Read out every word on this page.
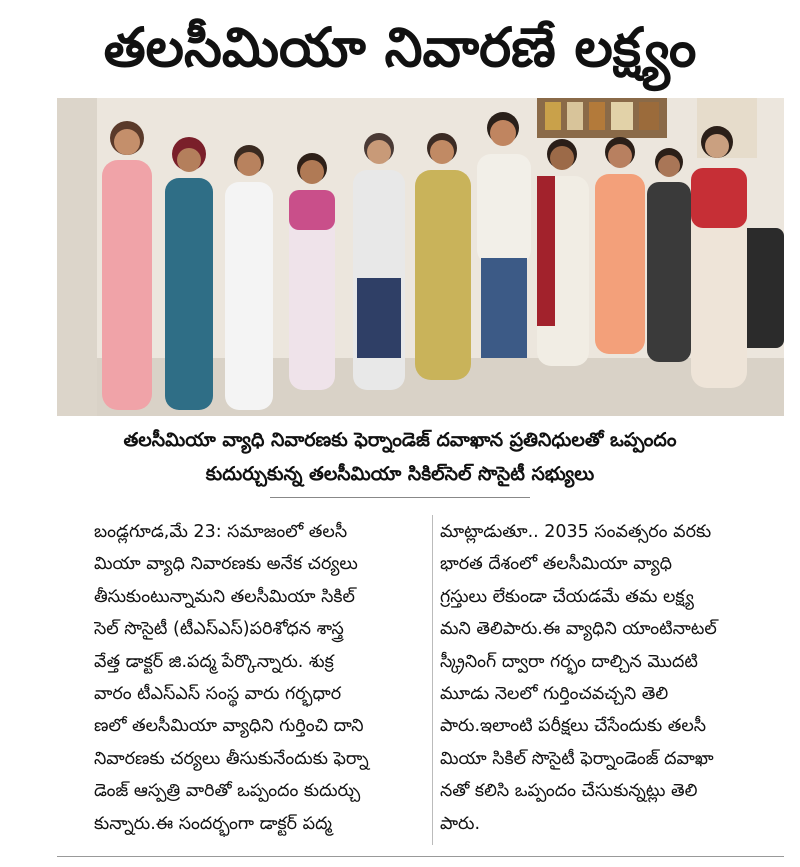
తలసీమియా నివారణే లక్ష్యం
తలసీమియా వ్యాధి నివారణకు ఫెర్నాండెజ్ దవాఖాన ప్రతినిధులతో ఒప్పందం
కుదుర్చుకున్న తలసీమియా సికిల్‌సెల్ సొసైటీ సభ్యులు
బండ్లగూడ,మే 23: సమాజంలో తలసీ
మియా వ్యాధి నివారణకు అనేక చర్యలు
తీసుకుంటున్నామని తలసీమియా సికిల్
సెల్ సొసైటీ (టీఎస్ఎస్)పరిశోధన శాస్త్ర
వేత్త డాక్టర్ జి.పద్మ పేర్కొన్నారు. శుక్ర
వారం టీఎస్ఎస్ సంస్థ వారు గర్భధార
ణలో తలసీమియా వ్యాధిని గుర్తించి దాని
నివారణకు చర్యలు తీసుకునేందుకు ఫెర్నా
డెంజ్ ఆస్పత్రి వారితో ఒప్పందం కుదుర్చు
కున్నారు.ఈ సందర్భంగా డాక్టర్ పద్మ
మాట్లాడుతూ.. 2035 సంవత్సరం వరకు
భారత దేశంలో తలసీమియా వ్యాధి
గ్రస్తులు లేకుండా చేయడమే తమ లక్ష్య
మని తెలిపారు.ఈ వ్యాధిని యాంటినాటల్
స్క్రీనింగ్ ద్వారా గర్భం దాల్చిన మొదటి
మూడు నెలలో గుర్తించవచ్చని తెలి
పారు.ఇలాంటి పరీక్షలు చేసేందుకు తలసీ
మియా సికిల్ సొసైటీ ఫెర్నాండెంజ్ దవాఖా
నతో కలిసి ఒప్పందం చేసుకున్నట్లు తెలి
పారు.
